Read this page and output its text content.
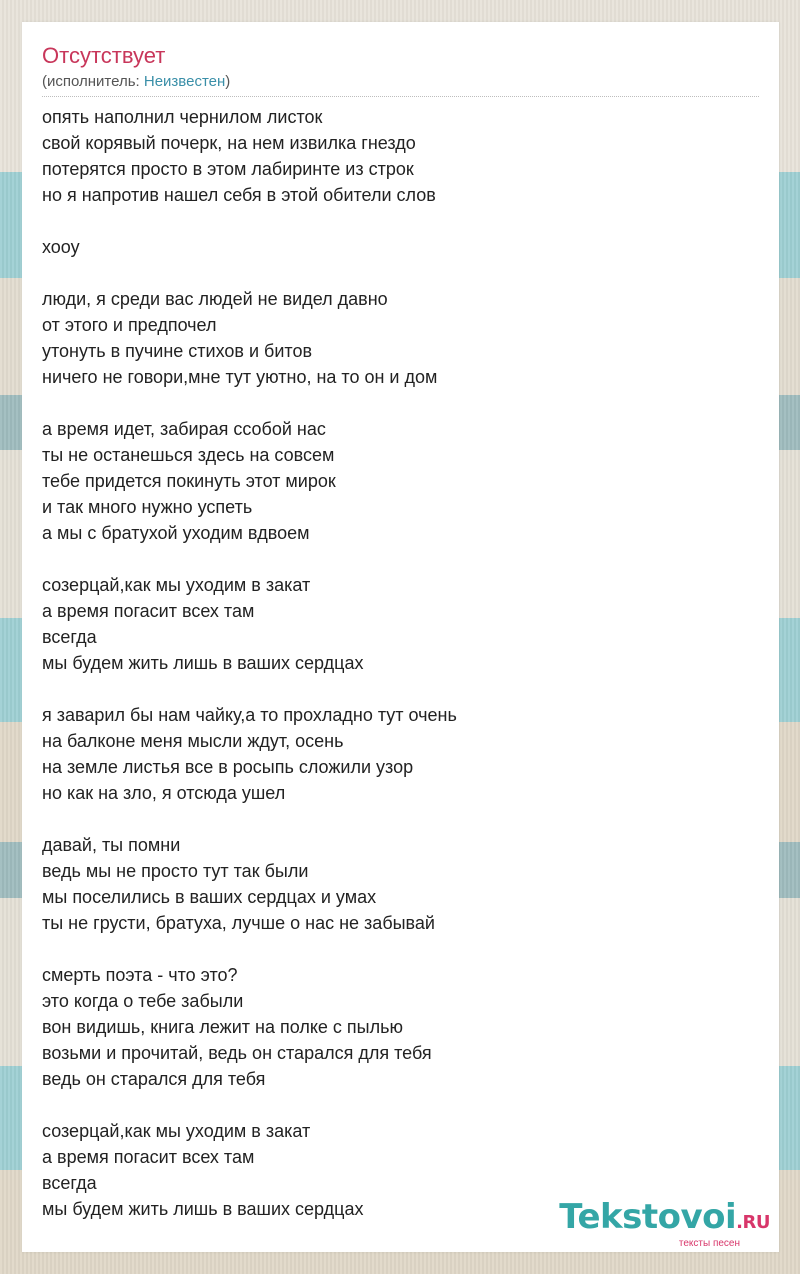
Отсутствует
(исполнитель: Неизвестен)
опять наполнил чернилом листок
свой корявый почерк, на нем извилка гнездо
потерятся просто в этом лабиринте из строк
но я напротив нашел себя в этой обители слов
хооу
люди, я среди вас людей не видел давно
от этого и предпочел
утонуть в пучине стихов и битов
ничего не говори,мне тут уютно, на то он и дом
а время идет, забирая ссобой нас
ты не останешься здесь на совсем
тебе придется покинуть этот мирок
и так много нужно успеть
а мы с братухой уходим вдвоем
созерцай,как мы уходим в закат
а время погасит всех там
всегда
мы будем жить лишь в ваших сердцах
я заварил бы нам чайку,а то прохладно тут очень
на балконе меня мысли ждут, осень
на земле листья все в росыпь сложили узор
но как на зло, я отсюда ушел
давай, ты помни
ведь мы не просто тут так были
мы поселились в ваших сердцах и умах
ты не грусти, братуха, лучше о нас не забывай
смерть поэта - что это?
это когда о тебе забыли
вон видишь, книга лежит на полке с пылью
возьми и прочитай, ведь он старался для тебя
ведь он старался для тебя
созерцай,как мы уходим в закат
а время погасит всех там
всегда
мы будем жить лишь в ваших сердцах	Tekstovoi.RU
тексты песен
